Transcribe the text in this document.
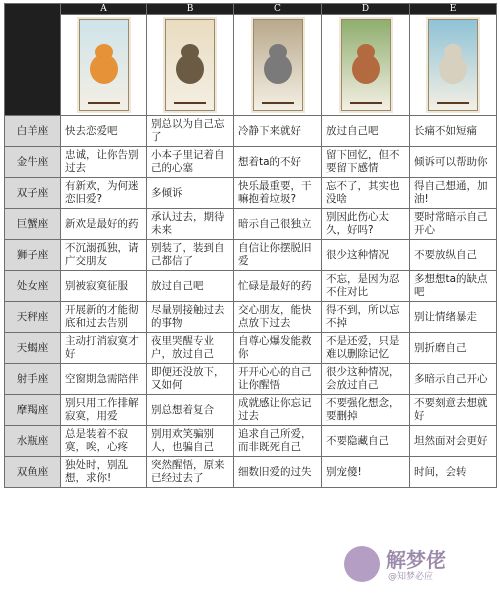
	A	B	C	D	E

白羊座	快去恋爱吧	别总以为自己忘了	冷静下来就好	放过自己吧	长痛不如短痛
金牛座	忠诚，让你告别过去	小本子里记着自己的心塞	想着ta的不好	留下回忆，但不要留下感情	倾诉可以帮助你
双子座	有新欢，为何迷恋旧爱?	多倾诉	快乐最重要，干嘛抱着垃圾?	忘不了，其实也没啥	得自己想通，加油!
巨蟹座	新欢是最好的药	承认过去，期待未来	暗示自己很独立	别因此伤心太久，好吗?	要时常暗示自己开心
狮子座	不沉溺孤独，请广交朋友	别装了，装到自己都信了	自信让你摆脱旧爱	很少这种情况	不要放纵自己
处女座	别被寂寞征服	放过自己吧	忙碌是最好的药	不忘，是因为忍不住对比	多想想ta的缺点吧
天秤座	开展新的才能彻底和过去告别	尽量别接触过去的事物	交心朋友，能快点放下过去	得不到，所以忘不掉	别让情绪暴走
天蝎座	主动打消寂寞才好	夜里哭醒专业户，放过自己	自尊心爆发能救你	不是还爱，只是难以删除记忆	别折磨自己
射手座	空窗期急需陪伴	即便还没放下，又如何	开开心心的自己让你醒悟	很少这种情况，会放过自己	多暗示自己开心
摩羯座	别只用工作排解寂寞，用爱	别总想着复合	成就感让你忘记过去	不要强化想念，要删掉	不要刻意去想就好
水瓶座	总是装着不寂寞，唉，心疼	别用欢笑骗别人，也骗自己	追求自己所爱，而非既死自己	不要隐藏自己	坦然面对会更好
双鱼座	独处时，别乱想，求你!	突然醒悟，原来已经过去了	细数旧爱的过失	别宠傻!	时间，会转
解梦佬
@知梦必应
